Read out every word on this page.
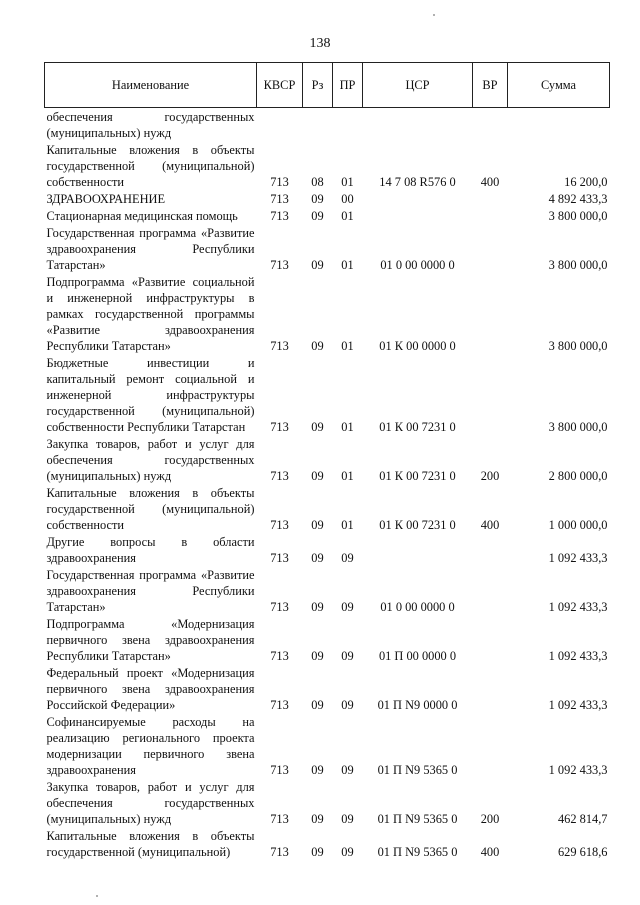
138
Наименование	КВСР	Рз	ПР	ЦСР	ВР	Сумма
обеспечения государственных (муниципальных) нужд						
Капитальные вложения в объекты государственной (муниципальной) собственности	713	08	01	14 7 08 R576 0	400	16 200,0
ЗДРАВООХРАНЕНИЕ	713	09	00			4 892 433,3
Стационарная медицинская помощь	713	09	01			3 800 000,0
Государственная программа «Развитие здравоохранения Республики Татарстан»	713	09	01	01 0 00 0000 0		3 800 000,0
Подпрограмма «Развитие социальной и инженерной инфраструктуры в рамках государственной программы «Развитие здравоохранения Республики Татарстан»	713	09	01	01 К 00 0000 0		3 800 000,0
Бюджетные инвестиции и капитальный ремонт социальной и инженерной инфраструктуры государственной (муниципальной) собственности Республики Татарстан	713	09	01	01 К 00 7231 0		3 800 000,0
Закупка товаров, работ и услуг для обеспечения государственных (муниципальных) нужд	713	09	01	01 К 00 7231 0	200	2 800 000,0
Капитальные вложения в объекты государственной (муниципальной) собственности	713	09	01	01 К 00 7231 0	400	1 000 000,0
Другие вопросы в области здравоохранения	713	09	09			1 092 433,3
Государственная программа «Развитие здравоохранения Республики Татарстан»	713	09	09	01 0 00 0000 0		1 092 433,3
Подпрограмма «Модернизация первичного звена здравоохранения Республики Татарстан»	713	09	09	01 П 00 0000 0		1 092 433,3
Федеральный проект «Модернизация первичного звена здравоохранения Российской Федерации»	713	09	09	01 П N9 0000 0		1 092 433,3
Софинансируемые расходы на реализацию регионального проекта модернизации первичного звена здравоохранения	713	09	09	01 П N9 5365 0		1 092 433,3
Закупка товаров, работ и услуг для обеспечения государственных (муниципальных) нужд	713	09	09	01 П N9 5365 0	200	462 814,7
Капитальные вложения в объекты государственной (муниципальной)	713	09	09	01 П N9 5365 0	400	629 618,6
